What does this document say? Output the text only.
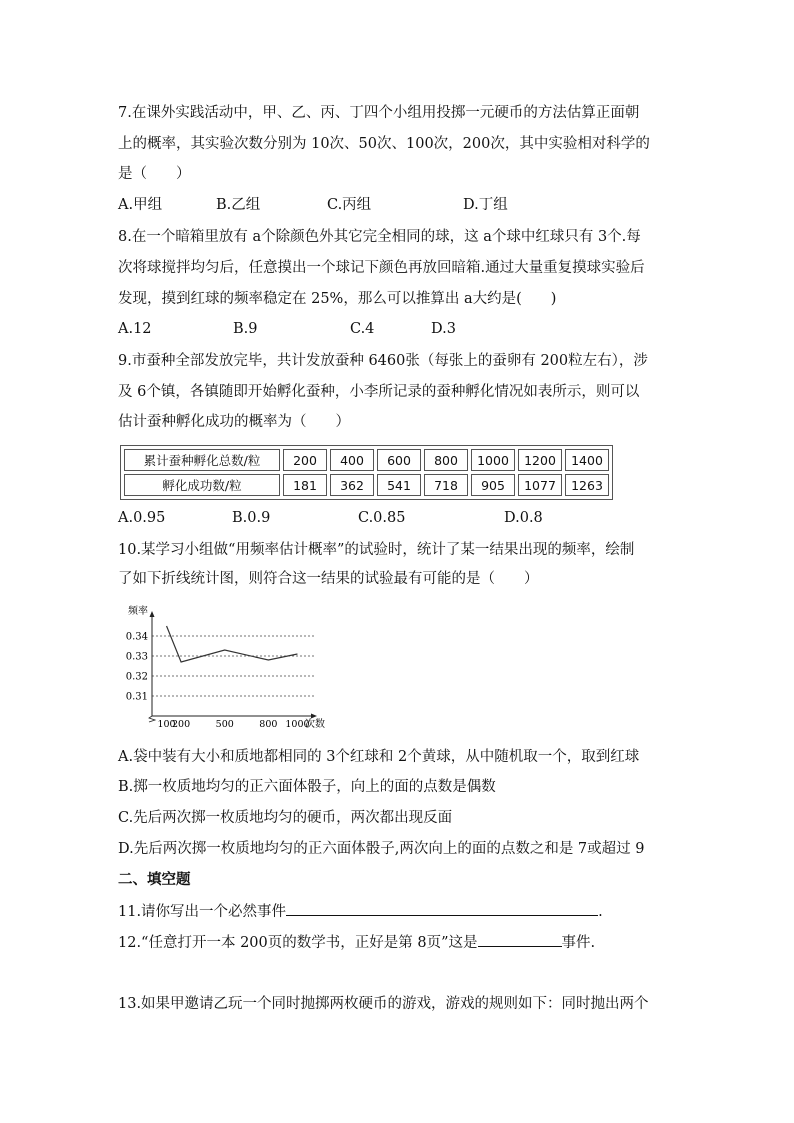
7.在课外实践活动中，甲、乙、丙、丁四个小组用投掷一元硬币的方法估算正面朝
上的概率，其实验次数分别为 10次、50次、100次，200次，其中实验相对科学的
是（　　）
A.甲组	B.乙组	C.丙组	D.丁组
8.在一个暗箱里放有 a个除颜色外其它完全相同的球，这 a个球中红球只有 3个.每
次将球搅拌均匀后，任意摸出一个球记下颜色再放回暗箱.通过大量重复摸球实验后
发现，摸到红球的频率稳定在 25%，那么可以推算出 a大约是(　　)
A.12	B.9	C.4	D.3
9.市蚕种全部发放完毕，共计发放蚕种 6460张（每张上的蚕卵有 200粒左右），涉
及 6个镇，各镇随即开始孵化蚕种，小李所记录的蚕种孵化情况如表所示，则可以
估计蚕种孵化成功的概率为（　　）
累计蚕种孵化总数/粒	200	400	600	800	1000	1200	1400
孵化成功数/粒	181	362	541	718	905	1077	1263
A.0.95	B.0.9	C.0.85	D.0.8
10.某学习小组做“用频率估计概率”的试验时，统计了某一结果出现的频率，绘制
了如下折线统计图，则符合这一结果的试验最有可能的是（　　）
频率
次数
0.34
0.33
0.32
0.31
100
200	500	800 1000
A.袋中装有大小和质地都相同的 3个红球和 2个黄球，从中随机取一个，取到红球
B.掷一枚质地均匀的正六面体骰子，向上的面的点数是偶数
C.先后两次掷一枚质地均匀的硬币，两次都出现反面
D.先后两次掷一枚质地均匀的正六面体骰子,两次向上的面的点数之和是 7或超过 9
二、填空题
11.请你写出一个必然事件	.
12.“任意打开一本 200页的数学书，正好是第 8页”这是	事件.
13.如果甲邀请乙玩一个同时抛掷两枚硬币的游戏，游戏的规则如下：同时抛出两个
